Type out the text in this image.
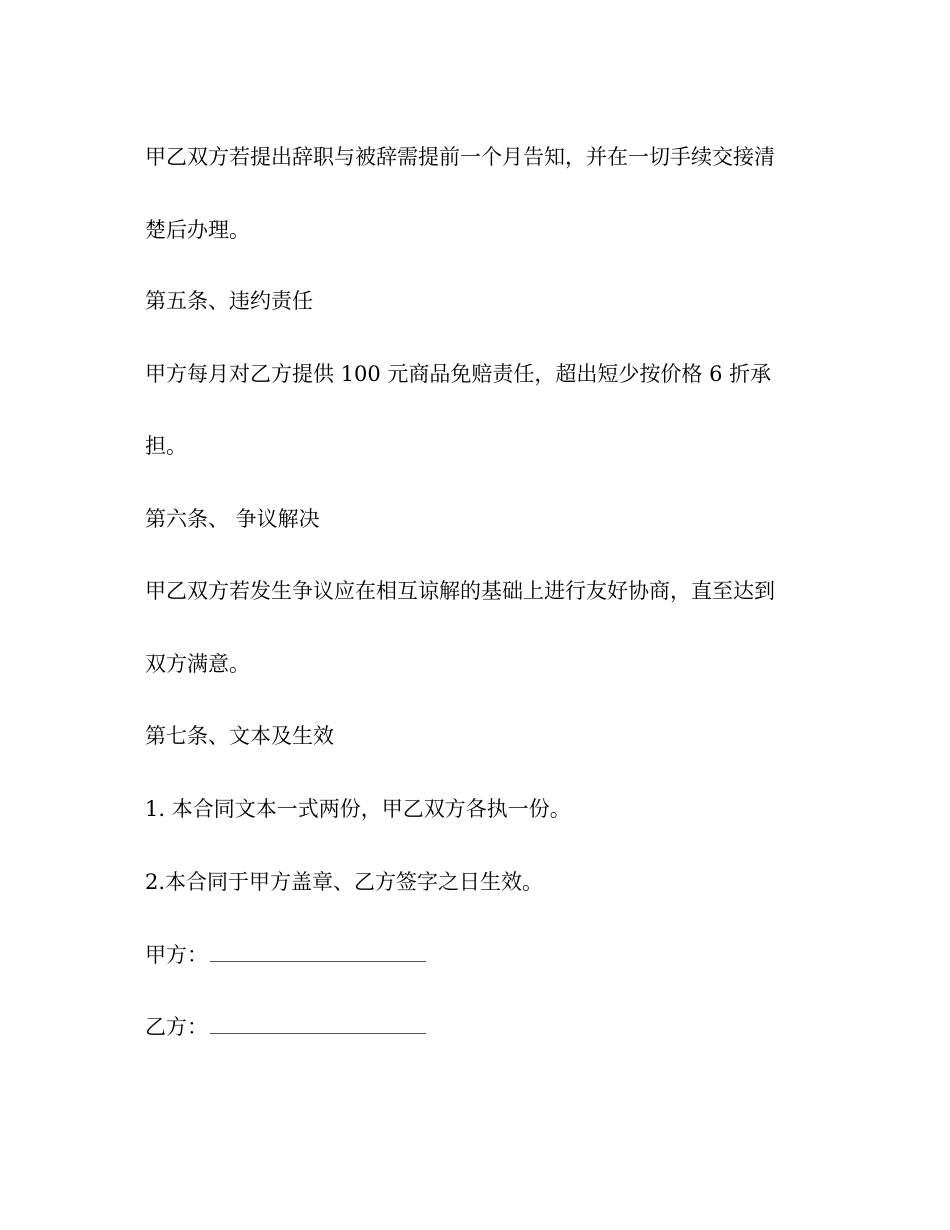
甲乙双方若提出辞职与被辞需提前一个月告知，并在一切手续交接清
楚后办理。
第五条、违约责任
甲方每月对乙方提供 100 元商品免赔责任，超出短少按价格 6 折承
担。
第六条、 争议解决
甲乙双方若发生争议应在相互谅解的基础上进行友好协商，直至达到
双方满意。
第七条、文本及生效
1. 本合同文本一式两份，甲乙双方各执一份。
2.本合同于甲方盖章、乙方签字之日生效。
甲方：
乙方：
